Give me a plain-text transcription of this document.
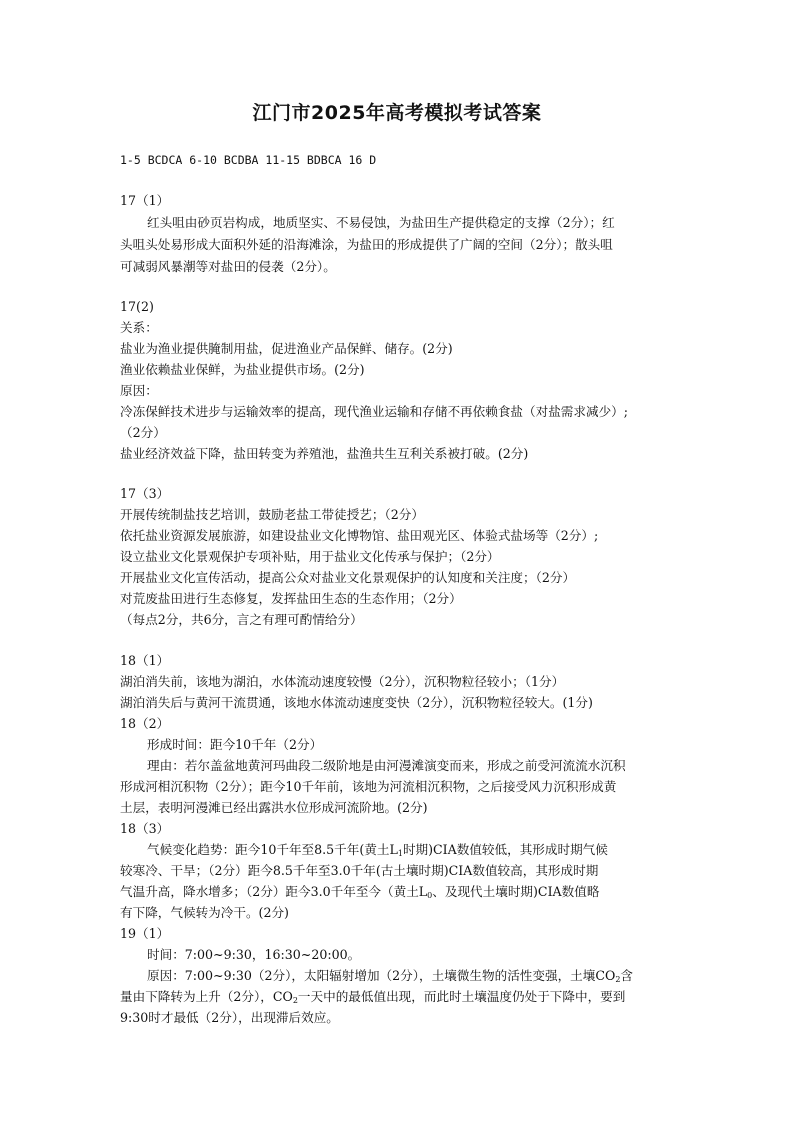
江门市2025年高考模拟考试答案
1-5 BCDCA 6-10 BCDBA 11-15 BDBCA 16 D
17（1）
红头咀由砂页岩构成，地质坚实、不易侵蚀，为盐田生产提供稳定的支撑（2分）；红
头咀头处易形成大面积外延的沿海滩涂，为盐田的形成提供了广阔的空间（2分）；散头咀
可减弱风暴潮等对盐田的侵袭（2分）。
17(2)
关系：
盐业为渔业提供腌制用盐，促进渔业产品保鲜、储存。(2分)
渔业依赖盐业保鲜，为盐业提供市场。(2分)
原因：
冷冻保鲜技术进步与运输效率的提高，现代渔业运输和存储不再依赖食盐（对盐需求减少）;
（2分）
盐业经济效益下降，盐田转变为养殖池，盐渔共生互利关系被打破。(2分)
17（3）
开展传统制盐技艺培训，鼓励老盐工带徒授艺；（2分）
依托盐业资源发展旅游，如建设盐业文化博物馆、盐田观光区、体验式盐场等（2分）;
设立盐业文化景观保护专项补贴，用于盐业文化传承与保护；（2分）
开展盐业文化宣传活动，提高公众对盐业文化景观保护的认知度和关注度；（2分）
对荒废盐田进行生态修复，发挥盐田生态的生态作用；（2分）
（每点2分，共6分，言之有理可酌情给分）
18（1）
湖泊消失前，该地为湖泊，水体流动速度较慢（2分），沉积物粒径较小；（1分）
湖泊消失后与黄河干流贯通，该地水体流动速度变快（2分），沉积物粒径较大。(1分)
18（2）
形成时间：距今10千年（2分）
理由：若尔盖盆地黄河玛曲段二级阶地是由河漫滩演变而来，形成之前受河流流水沉积
形成河相沉积物（2分）；距今10千年前，该地为河流相沉积物，之后接受风力沉积形成黄
土层，表明河漫滩已经出露洪水位形成河流阶地。(2分)
18（3）
气候变化趋势：距今10千年至8.5千年(黄土$L_1$时期)CIA数值较低，其形成时期气候
较寒冷、干旱；（2分）距今8.5千年至3.0千年(古土壤时期)CIA数值较高，其形成时期
气温升高，降水增多；（2分）距今3.0千年至今（黄土$L_0$、及现代土壤时期)CIA数值略
有下降，气候转为冷干。(2分)
19（1）
时间：7:00~9:30，16:30~20:00。
原因：7:00~9:30（2分），太阳辐射增加（2分），土壤微生物的活性变强，土壤$CO_2$含
量由下降转为上升（2分），$CO_2$一天中的最低值出现，而此时土壤温度仍处于下降中，要到
9:30时才最低（2分），出现滞后效应。
